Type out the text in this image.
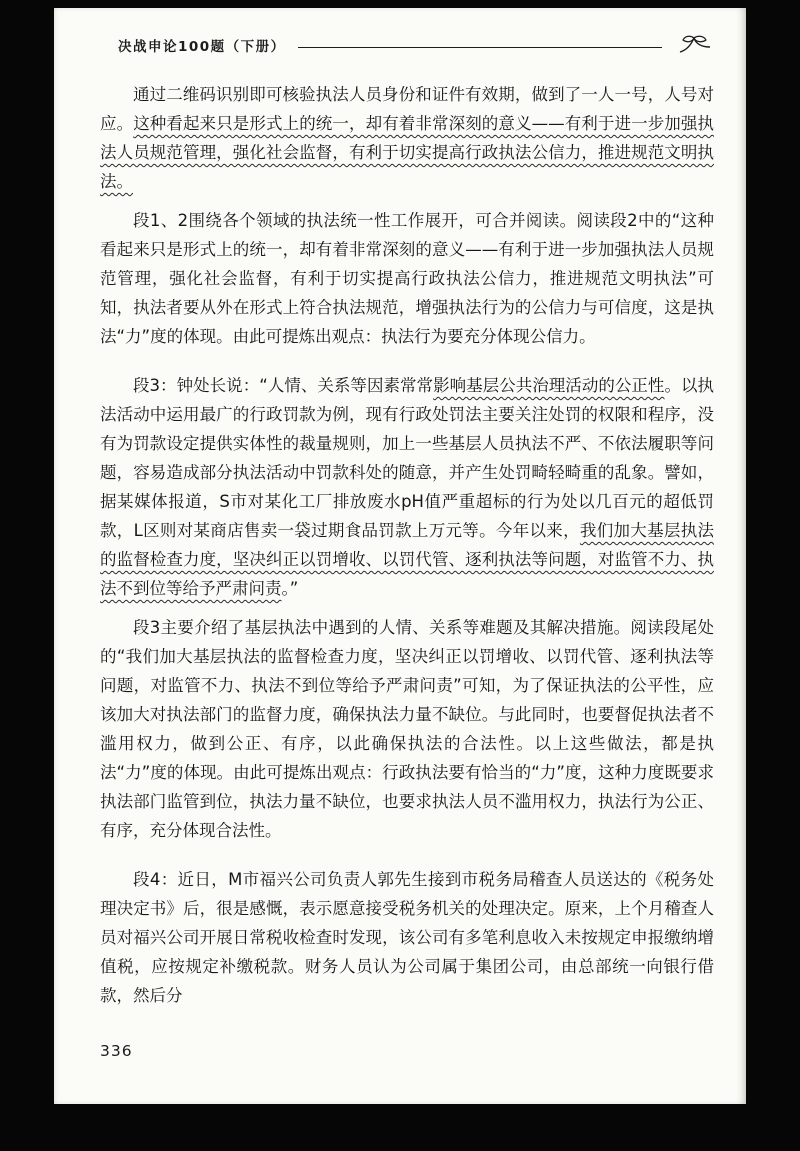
决战申论100题（下册）

通过二维码识别即可核验执法人员身份和证件有效期，做到了一人一号，人号对应。这种看起来只是形式上的统一，却有着非常深刻的意义——有利于进一步加强执法人员规范管理，强化社会监督，有利于切实提高行政执法公信力，推进规范文明执法。

段1、2围绕各个领域的执法统一性工作展开，可合并阅读。阅读段2中的“这种看起来只是形式上的统一，却有着非常深刻的意义——有利于进一步加强执法人员规范管理，强化社会监督，有利于切实提高行政执法公信力，推进规范文明执法”可知，执法者要从外在形式上符合执法规范，增强执法行为的公信力与可信度，这是执法“力”度的体现。由此可提炼出观点：执法行为要充分体现公信力。

段3：钟处长说：“人情、关系等因素常常影响基层公共治理活动的公正性。以执法活动中运用最广的行政罚款为例，现有行政处罚法主要关注处罚的权限和程序，没有为罚款设定提供实体性的裁量规则，加上一些基层人员执法不严、不依法履职等问题，容易造成部分执法活动中罚款科处的随意，并产生处罚畸轻畸重的乱象。譬如，据某媒体报道，S市对某化工厂排放废水pH值严重超标的行为处以几百元的超低罚款，L区则对某商店售卖一袋过期食品罚款上万元等。今年以来，我们加大基层执法的监督检查力度，坚决纠正以罚增收、以罚代管、逐利执法等问题，对监管不力、执法不到位等给予严肃问责。”

段3主要介绍了基层执法中遇到的人情、关系等难题及其解决措施。阅读段尾处的“我们加大基层执法的监督检查力度，坚决纠正以罚增收、以罚代管、逐利执法等问题，对监管不力、执法不到位等给予严肃问责”可知，为了保证执法的公平性，应该加大对执法部门的监督力度，确保执法力量不缺位。与此同时，也要督促执法者不滥用权力，做到公正、有序，以此确保执法的合法性。以上这些做法，都是执法“力”度的体现。由此可提炼出观点：行政执法要有恰当的“力”度，这种力度既要求执法部门监管到位，执法力量不缺位，也要求执法人员不滥用权力，执法行为公正、有序，充分体现合法性。

段4：近日，M市福兴公司负责人郭先生接到市税务局稽查人员送达的《税务处理决定书》后，很是感慨，表示愿意接受税务机关的处理决定。原来，上个月稽查人员对福兴公司开展日常税收检查时发现，该公司有多笔利息收入未按规定申报缴纳增值税，应按规定补缴税款。财务人员认为公司属于集团公司，由总部统一向银行借款，然后分

336
